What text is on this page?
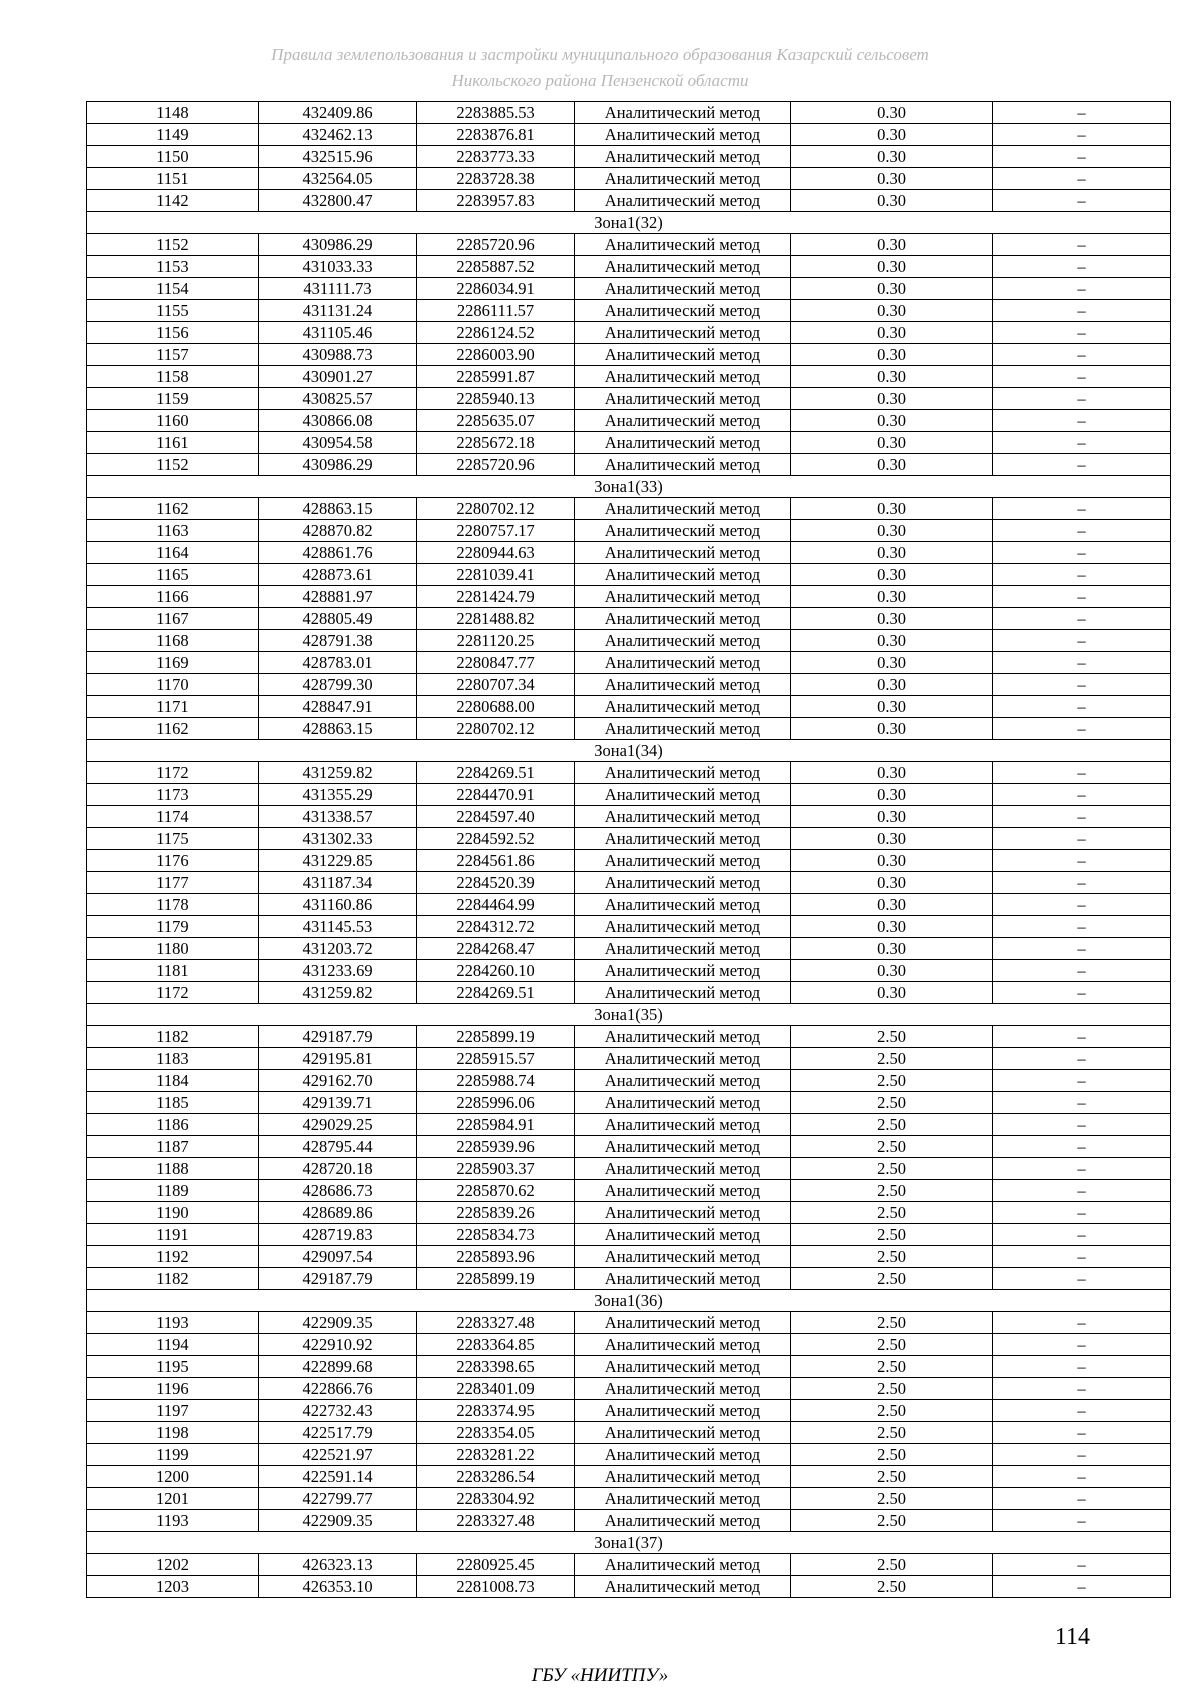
Правила землепользования и застройки муниципального образования Казарский сельсовет
Никольского района Пензенской области
1148	432409.86	2283885.53	Аналитический метод	0.30	–
1149	432462.13	2283876.81	Аналитический метод	0.30	–
1150	432515.96	2283773.33	Аналитический метод	0.30	–
1151	432564.05	2283728.38	Аналитический метод	0.30	–
1142	432800.47	2283957.83	Аналитический метод	0.30	–
Зона1(32)					
1152	430986.29	2285720.96	Аналитический метод	0.30	–
1153	431033.33	2285887.52	Аналитический метод	0.30	–
1154	431111.73	2286034.91	Аналитический метод	0.30	–
1155	431131.24	2286111.57	Аналитический метод	0.30	–
1156	431105.46	2286124.52	Аналитический метод	0.30	–
1157	430988.73	2286003.90	Аналитический метод	0.30	–
1158	430901.27	2285991.87	Аналитический метод	0.30	–
1159	430825.57	2285940.13	Аналитический метод	0.30	–
1160	430866.08	2285635.07	Аналитический метод	0.30	–
1161	430954.58	2285672.18	Аналитический метод	0.30	–
1152	430986.29	2285720.96	Аналитический метод	0.30	–
Зона1(33)					
1162	428863.15	2280702.12	Аналитический метод	0.30	–
1163	428870.82	2280757.17	Аналитический метод	0.30	–
1164	428861.76	2280944.63	Аналитический метод	0.30	–
1165	428873.61	2281039.41	Аналитический метод	0.30	–
1166	428881.97	2281424.79	Аналитический метод	0.30	–
1167	428805.49	2281488.82	Аналитический метод	0.30	–
1168	428791.38	2281120.25	Аналитический метод	0.30	–
1169	428783.01	2280847.77	Аналитический метод	0.30	–
1170	428799.30	2280707.34	Аналитический метод	0.30	–
1171	428847.91	2280688.00	Аналитический метод	0.30	–
1162	428863.15	2280702.12	Аналитический метод	0.30	–
Зона1(34)					
1172	431259.82	2284269.51	Аналитический метод	0.30	–
1173	431355.29	2284470.91	Аналитический метод	0.30	–
1174	431338.57	2284597.40	Аналитический метод	0.30	–
1175	431302.33	2284592.52	Аналитический метод	0.30	–
1176	431229.85	2284561.86	Аналитический метод	0.30	–
1177	431187.34	2284520.39	Аналитический метод	0.30	–
1178	431160.86	2284464.99	Аналитический метод	0.30	–
1179	431145.53	2284312.72	Аналитический метод	0.30	–
1180	431203.72	2284268.47	Аналитический метод	0.30	–
1181	431233.69	2284260.10	Аналитический метод	0.30	–
1172	431259.82	2284269.51	Аналитический метод	0.30	–
Зона1(35)					
1182	429187.79	2285899.19	Аналитический метод	2.50	–
1183	429195.81	2285915.57	Аналитический метод	2.50	–
1184	429162.70	2285988.74	Аналитический метод	2.50	–
1185	429139.71	2285996.06	Аналитический метод	2.50	–
1186	429029.25	2285984.91	Аналитический метод	2.50	–
1187	428795.44	2285939.96	Аналитический метод	2.50	–
1188	428720.18	2285903.37	Аналитический метод	2.50	–
1189	428686.73	2285870.62	Аналитический метод	2.50	–
1190	428689.86	2285839.26	Аналитический метод	2.50	–
1191	428719.83	2285834.73	Аналитический метод	2.50	–
1192	429097.54	2285893.96	Аналитический метод	2.50	–
1182	429187.79	2285899.19	Аналитический метод	2.50	–
Зона1(36)					
1193	422909.35	2283327.48	Аналитический метод	2.50	–
1194	422910.92	2283364.85	Аналитический метод	2.50	–
1195	422899.68	2283398.65	Аналитический метод	2.50	–
1196	422866.76	2283401.09	Аналитический метод	2.50	–
1197	422732.43	2283374.95	Аналитический метод	2.50	–
1198	422517.79	2283354.05	Аналитический метод	2.50	–
1199	422521.97	2283281.22	Аналитический метод	2.50	–
1200	422591.14	2283286.54	Аналитический метод	2.50	–
1201	422799.77	2283304.92	Аналитический метод	2.50	–
1193	422909.35	2283327.48	Аналитический метод	2.50	–
Зона1(37)					
1202	426323.13	2280925.45	Аналитический метод	2.50	–
1203	426353.10	2281008.73	Аналитический метод	2.50	–
114
ГБУ «НИИТПУ»
